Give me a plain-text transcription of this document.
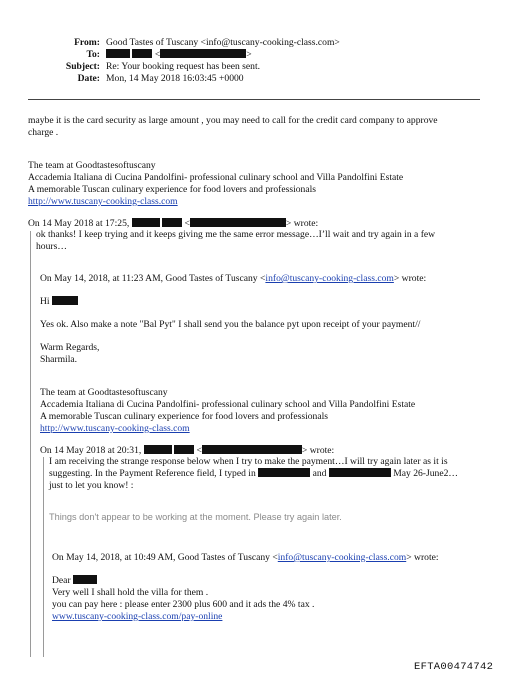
From: Good Tastes of Tuscany <info@tuscany-cooking-class.com>
To:	<	>
Subject: Re: Your booking request has been sent.
Date: Mon, 14 May 2018 16:03:45 +0000
maybe it is the card security as large amount , you may need to call for the credit card company to approve
charge .
The team at Goodtastesoftuscany
Accademia Italiana di Cucina Pandolfini- professional culinary school and Villa Pandolfini Estate
A memorable Tuscan culinary experience for food lovers and professionals
http://www.tuscany-cooking-class.com
On 14 May 2018 at 17:25,	<	> wrote:
ok thanks! I keep trying and it keeps giving me the same error message…I’ll wait and try again in a few
hours…
On May 14, 2018, at 11:23 AM, Good Tastes of Tuscany <info@tuscany-cooking-class.com> wrote:
Hi
Yes ok. Also make a note "Bal Pyt" I shall send you the balance pyt upon receipt of your payment//
Warm Regards,
Sharmila.
The team at Goodtastesoftuscany
Accademia Italiana di Cucina Pandolfini- professional culinary school and Villa Pandolfini Estate
A memorable Tuscan culinary experience for food lovers and professionals
http://www.tuscany-cooking-class.com
On 14 May 2018 at 20:31,	<	> wrote:
I am receiving the strange response below when I try to make the payment…I will try again later as it is
suggesting. In the Payment Reference field, I typed in	and	May 26-June2…
just to let you know! :
Things don't appear to be working at the moment. Please try again later.
On May 14, 2018, at 10:49 AM, Good Tastes of Tuscany <info@tuscany-cooking-class.com> wrote:
Dear
Very well I shall hold the villa for them .
you can pay here : please enter 2300 plus 600 and it ads the 4% tax .
www.tuscany-cooking-class.com/pay-online
EFTA00474742
